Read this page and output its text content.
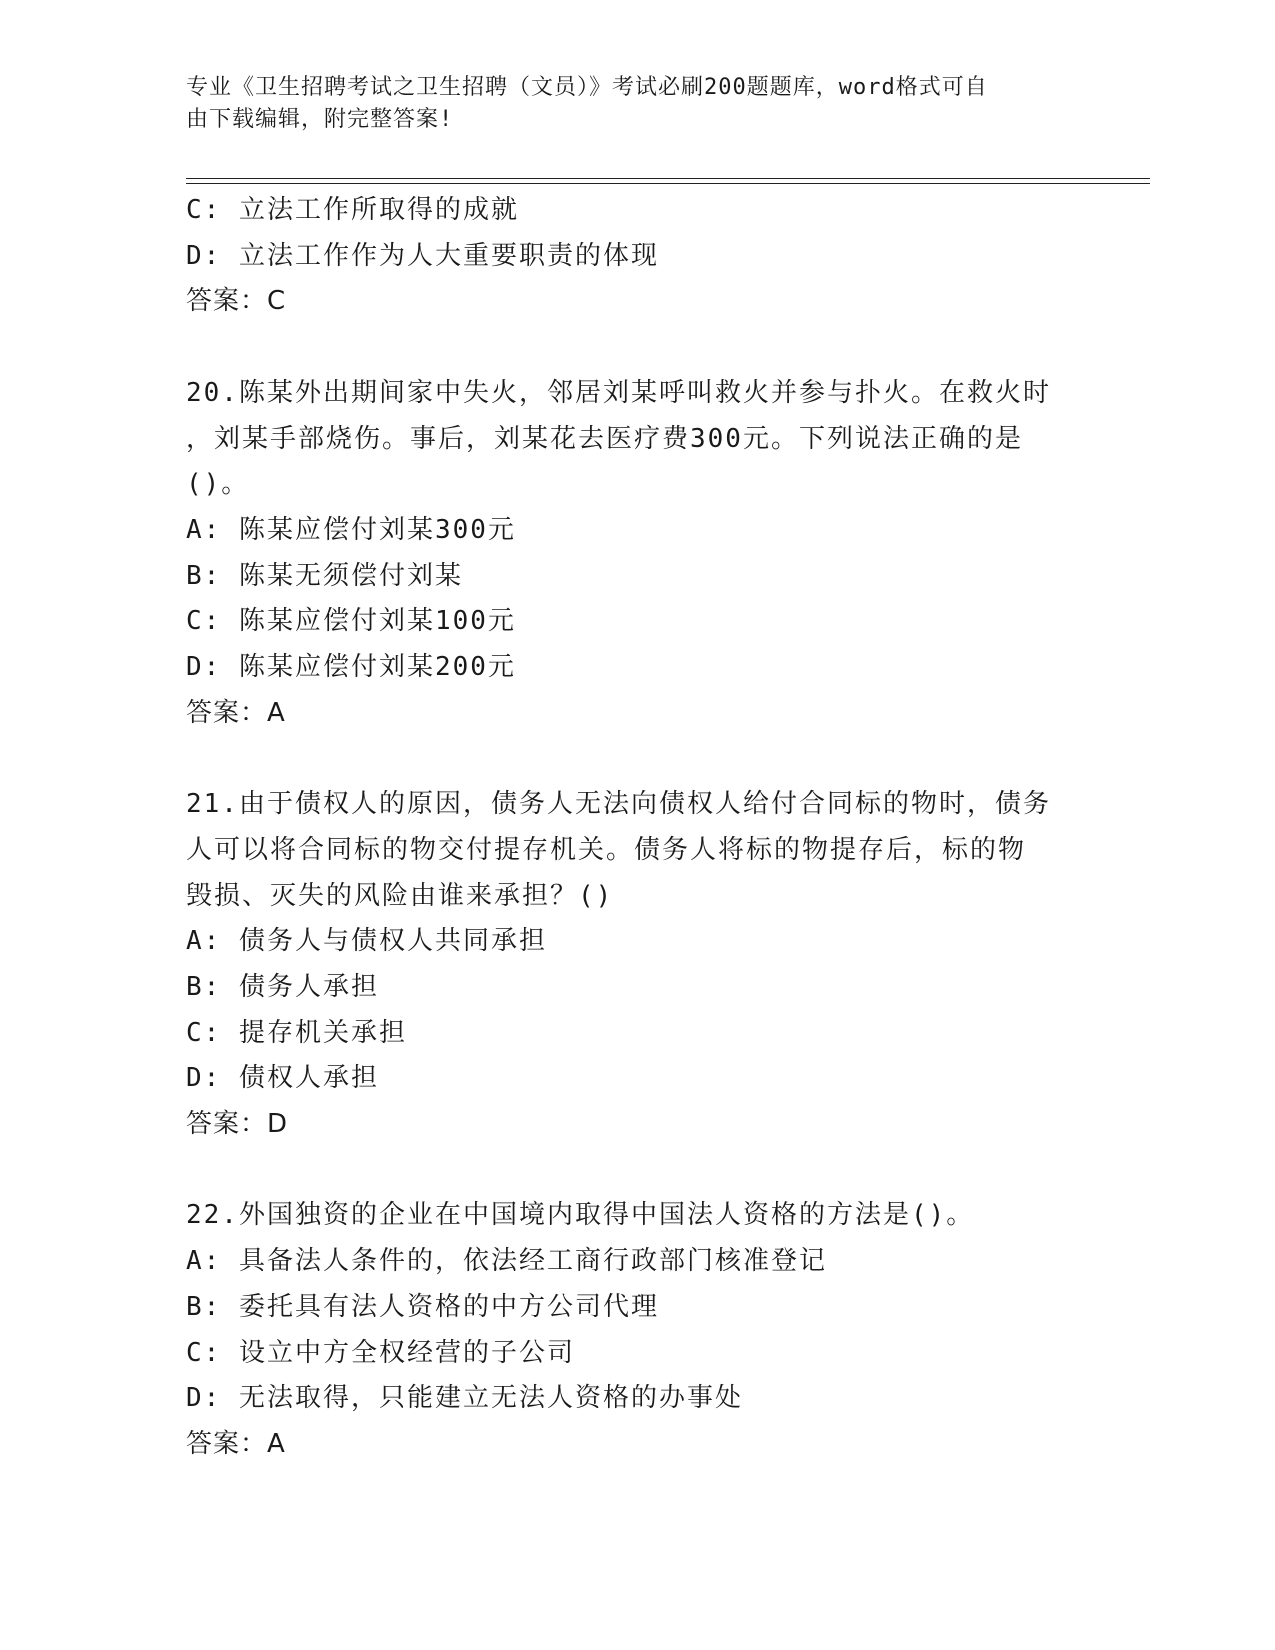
专业《卫生招聘考试之卫生招聘（文员）》考试必刷200题题库，word格式可自
由下载编辑，附完整答案!
C: 立法工作所取得的成就
D: 立法工作作为人大重要职责的体现
答案：C
20.陈某外出期间家中失火，邻居刘某呼叫救火并参与扑火。在救火时
，刘某手部烧伤。事后，刘某花去医疗费300元。下列说法正确的是
()。
A: 陈某应偿付刘某300元
B: 陈某无须偿付刘某
C: 陈某应偿付刘某100元
D: 陈某应偿付刘某200元
答案：A
21.由于债权人的原因，债务人无法向债权人给付合同标的物时，债务
人可以将合同标的物交付提存机关。债务人将标的物提存后，标的物
毁损、灭失的风险由谁来承担？()
A: 债务人与债权人共同承担
B: 债务人承担
C: 提存机关承担
D: 债权人承担
答案：D
22.外国独资的企业在中国境内取得中国法人资格的方法是()。
A: 具备法人条件的，依法经工商行政部门核准登记
B: 委托具有法人资格的中方公司代理
C: 设立中方全权经营的子公司
D: 无法取得，只能建立无法人资格的办事处
答案：A
